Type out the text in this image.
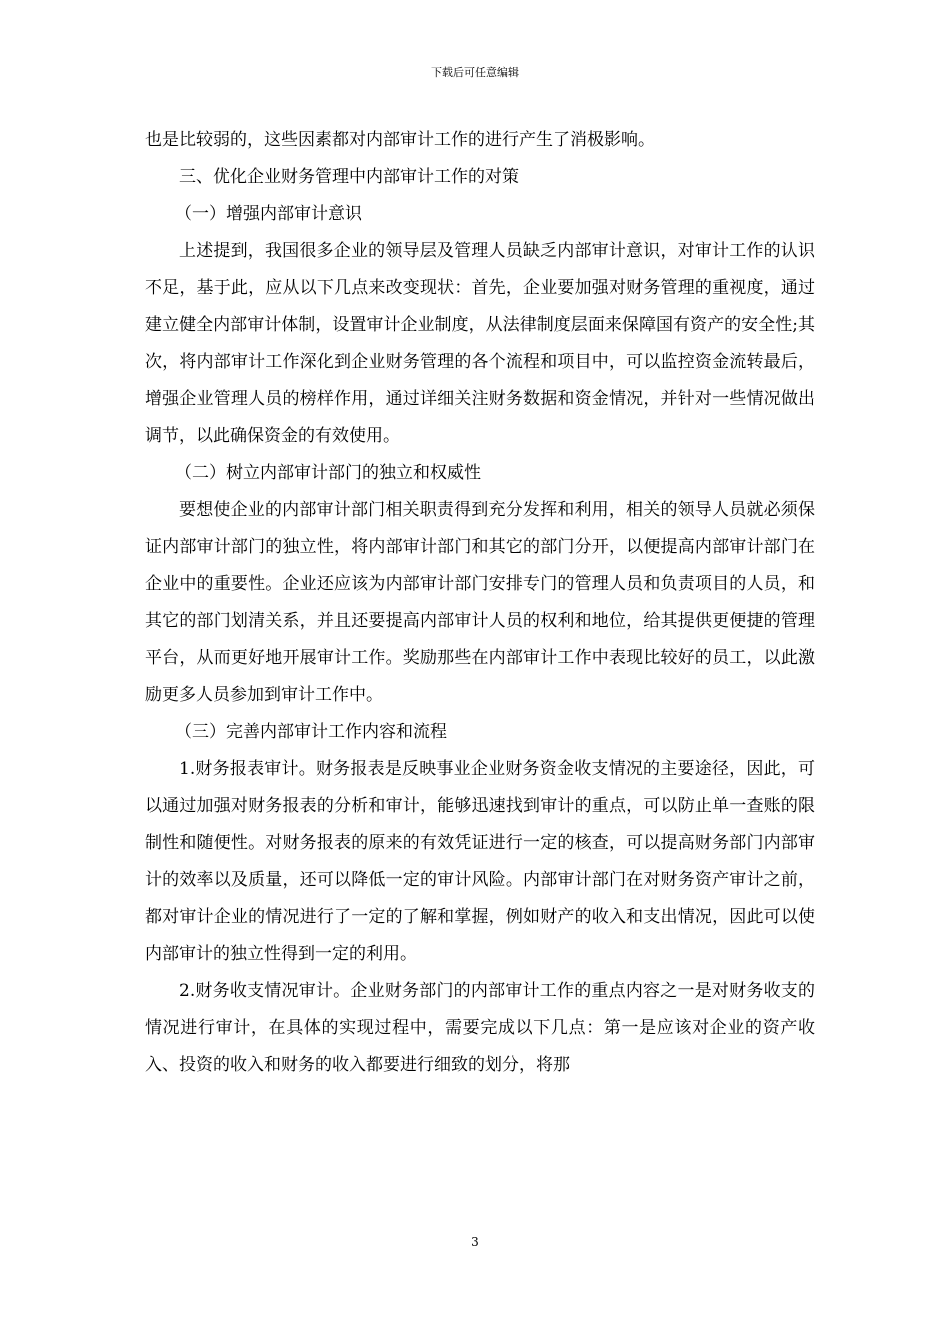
下载后可任意编辑

也是比较弱的，这些因素都对内部审计工作的进行产生了消极影响。

三、优化企业财务管理中内部审计工作的对策

（一）增强内部审计意识

上述提到，我国很多企业的领导层及管理人员缺乏内部审计意识，对审计工作的认识不足，基于此，应从以下几点来改变现状：首先，企业要加强对财务管理的重视度，通过建立健全内部审计体制，设置审计企业制度，从法律制度层面来保障国有资产的安全性;其次，将内部审计工作深化到企业财务管理的各个流程和项目中，可以监控资金流转最后，增强企业管理人员的榜样作用，通过详细关注财务数据和资金情况，并针对一些情况做出调节，以此确保资金的有效使用。

（二）树立内部审计部门的独立和权威性

要想使企业的内部审计部门相关职责得到充分发挥和利用，相关的领导人员就必须保证内部审计部门的独立性，将内部审计部门和其它的部门分开，以便提高内部审计部门在企业中的重要性。企业还应该为内部审计部门安排专门的管理人员和负责项目的人员，和其它的部门划清关系，并且还要提高内部审计人员的权利和地位，给其提供更便捷的管理平台，从而更好地开展审计工作。奖励那些在内部审计工作中表现比较好的员工，以此激励更多人员参加到审计工作中。

（三）完善内部审计工作内容和流程

1.财务报表审计。财务报表是反映事业企业财务资金收支情况的主要途径，因此，可以通过加强对财务报表的分析和审计，能够迅速找到审计的重点，可以防止单一查账的限制性和随便性。对财务报表的原来的有效凭证进行一定的核查，可以提高财务部门内部审计的效率以及质量，还可以降低一定的审计风险。内部审计部门在对财务资产审计之前，都对审计企业的情况进行了一定的了解和掌握，例如财产的收入和支出情况，因此可以使内部审计的独立性得到一定的利用。

2.财务收支情况审计。企业财务部门的内部审计工作的重点内容之一是对财务收支的情况进行审计，在具体的实现过程中，需要完成以下几点：第一是应该对企业的资产收入、投资的收入和财务的收入都要进行细致的划分，将那

3
